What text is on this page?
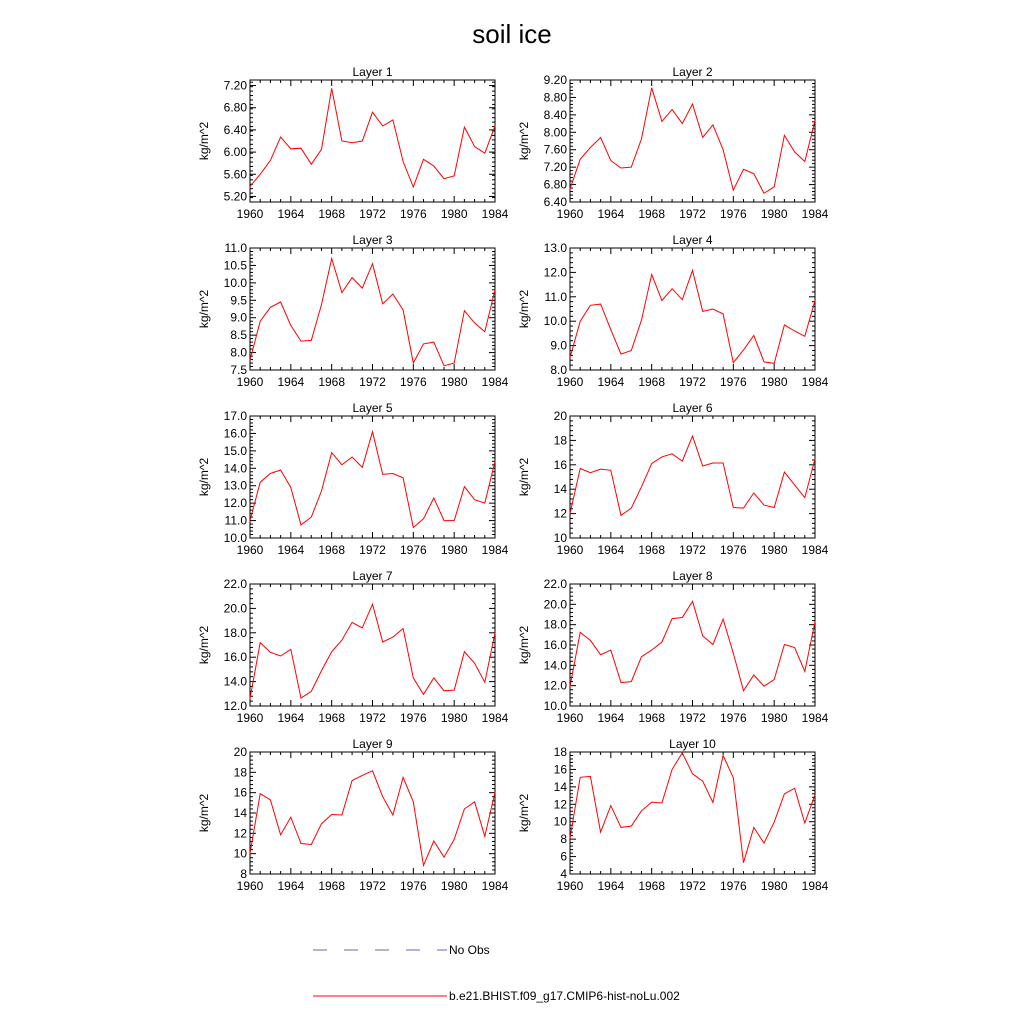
soil ice
Layer 1
kg/m^2
1960 1964 1968 1972 1976 1980 1984
5.20
5.60
6.00
6.40
6.80
7.20
Layer 2
kg/m^2
1960 1964 1968 1972 1976 1980 1984
6.40
6.80
7.20
7.60
8.00
8.40
8.80
9.20
Layer 3
kg/m^2
1960 1964 1968 1972 1976 1980 1984
7.5
8.0
8.5
9.0
9.5
10.0
10.5
11.0
Layer 4
kg/m^2
1960 1964 1968 1972 1976 1980 1984
8.0
9.0
10.0
11.0
12.0
13.0
Layer 5
kg/m^2
1960 1964 1968 1972 1976 1980 1984
10.0
11.0
12.0
13.0
14.0
15.0
16.0
17.0
Layer 6
kg/m^2
1960 1964 1968 1972 1976 1980 1984
10
12
14
16
18
20
Layer 7
kg/m^2
1960 1964 1968 1972 1976 1980 1984
12.0
14.0
16.0
18.0
20.0
22.0
Layer 8
kg/m^2
1960 1964 1968 1972 1976 1980 1984
10.0
12.0
14.0
16.0
18.0
20.0
22.0
Layer 9
kg/m^2
1960 1964 1968 1972 1976 1980 1984
8
10
12
14
16
18
20
Layer 10
kg/m^2
1960 1964 1968 1972 1976 1980 1984
4
6
8
10
12
14
16
18
No Obs
b.e21.BHIST.f09_g17.CMIP6-hist-noLu.002
